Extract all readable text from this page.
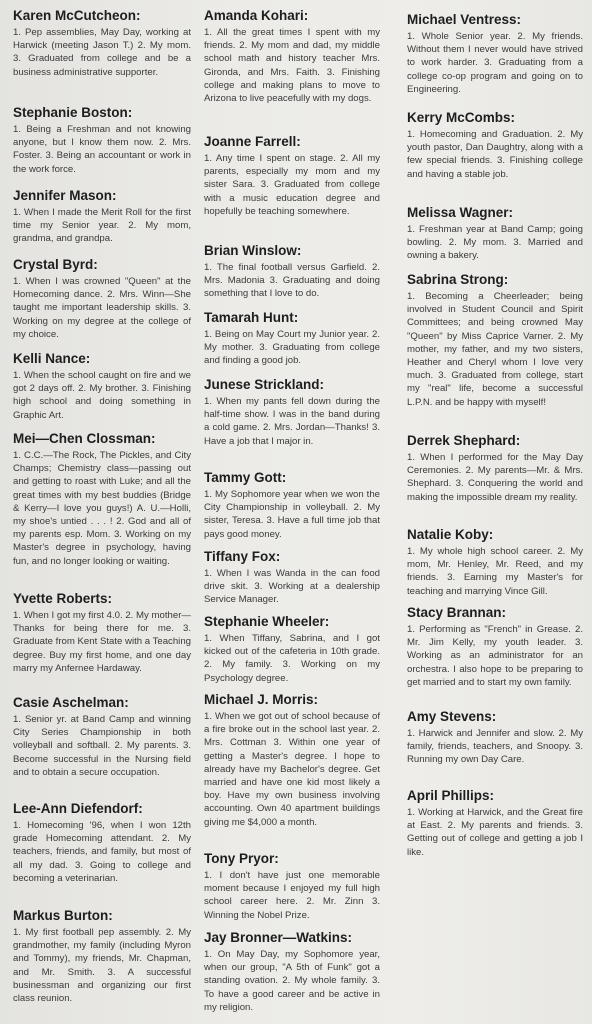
Karen McCutcheon:
1. Pep assemblies, May Day, working at Harwick (meeting Jason T.) 2. My mom. 3. Graduated from college and be a business administrative supporter.
Stephanie Boston:
1. Being a Freshman and not knowing anyone, but I know them now. 2. Mrs. Foster. 3. Being an accountant or work in the work force.
Jennifer Mason:
1. When I made the Merit Roll for the first time my Senior year. 2. My mom, grandma, and grandpa.
Crystal Byrd:
1. When I was crowned "Queen" at the Homecoming dance. 2. Mrs. Winn—She taught me important leadership skills. 3. Working on my degree at the college of my choice.
Kelli Nance:
1. When the school caught on fire and we got 2 days off. 2. My brother. 3. Finishing high school and doing something in Graphic Art.
Mei—Chen Clossman:
1. C.C.—The Rock, The Pickles, and City Champs; Chemistry class—passing out and getting to roast with Luke; and all the great times with my best buddies (Bridge & Kerry—I love you guys!) A. U.—Holli, my shoe's untied . . . ! 2. God and all of my parents esp. Mom. 3. Working on my Master's degree in psychology, having fun, and no longer looking or waiting.
Yvette Roberts:
1. When I got my first 4.0. 2. My mother—Thanks for being there for me. 3. Graduate from Kent State with a Teaching degree. Buy my first home, and one day marry my Anfernee Hardaway.
Casie Aschelman:
1. Senior yr. at Band Camp and winning City Series Championship in both volleyball and softball. 2. My parents. 3. Become successful in the Nursing field and to obtain a secure occupation.
Lee-Ann Diefendorf:
1. Homecoming '96, when I won 12th grade Homecoming attendant. 2. My teachers, friends, and family, but most of all my dad. 3. Going to college and becoming a veterinarian.
Markus Burton:
1. My first football pep assembly. 2. My grandmother, my family (including Myron and Tommy), my friends, Mr. Chapman, and Mr. Smith. 3. A successful businessman and organizing our first class reunion.
Amanda Kohari:
1. All the great times I spent with my friends. 2. My mom and dad, my middle school math and history teacher Mrs. Gironda, and Mrs. Faith. 3. Finishing college and making plans to move to Arizona to live peacefully with my dogs.
Joanne Farrell:
1. Any time I spent on stage. 2. All my parents, especially my mom and my sister Sara. 3. Graduated from college with a music education degree and hopefully be teaching somewhere.
Brian Winslow:
1. The final football versus Garfield. 2. Mrs. Madonia 3. Graduating and doing something that I love to do.
Tamarah Hunt:
1. Being on May Court my Junior year. 2. My mother. 3. Graduating from college and finding a good job.
Junese Strickland:
1. When my pants fell down during the half-time show. I was in the band during a cold game. 2. Mrs. Jordan—Thanks! 3. Have a job that I major in.
Tammy Gott:
1. My Sophomore year when we won the City Championship in volleyball. 2. My sister, Teresa. 3. Have a full time job that pays good money.
Tiffany Fox:
1. When I was Wanda in the can food drive skit. 3. Working at a dealership Service Manager.
Stephanie Wheeler:
1. When Tiffany, Sabrina, and I got kicked out of the cafeteria in 10th grade. 2. My family. 3. Working on my Psychology degree.
Michael J. Morris:
1. When we got out of school because of a fire broke out in the school last year. 2. Mrs. Cottman 3. Within one year of getting a Master's degree. I hope to already have my Bachelor's degree. Get married and have one kid most likely a boy. Have my own business involving accounting. Own 40 apartment buildings giving me $4,000 a month.
Tony Pryor:
1. I don't have just one memorable moment because I enjoyed my full high school career here. 2. Mr. Zinn 3. Winning the Nobel Prize.
Jay Bronner—Watkins:
1. On May Day, my Sophomore year, when our group, "A 5th of Funk" got a standing ovation. 2. My whole family. 3. To have a good career and be active in my religion.
Michael Ventress:
1. Whole Senior year. 2. My friends. Without them I never would have strived to work harder. 3. Graduating from a college co-op program and going on to Engineering.
Kerry McCombs:
1. Homecoming and Graduation. 2. My youth pastor, Dan Daughtry, along with a few special friends. 3. Finishing college and having a stable job.
Melissa Wagner:
1. Freshman year at Band Camp; going bowling. 2. My mom. 3. Married and owning a bakery.
Sabrina Strong:
1. Becoming a Cheerleader; being involved in Student Council and Spirit Committees; and being crowned May "Queen" by Miss Caprice Varner. 2. My mother, my father, and my two sisters, Heather and Cheryl whom I love very much. 3. Graduated from college, start my "real" life, become a successful L.P.N. and be happy with myself!
Derrek Shephard:
1. When I performed for the May Day Ceremonies. 2. My parents—Mr. & Mrs. Shephard. 3. Conquering the world and making the impossible dream my reality.
Natalie Koby:
1. My whole high school career. 2. My mom, Mr. Henley, Mr. Reed, and my friends. 3. Earning my Master's for teaching and marrying Vince Gill.
Stacy Brannan:
1. Performing as "French" in Grease. 2. Mr. Jim Kelly, my youth leader. 3. Working as an administrator for an orchestra. I also hope to be preparing to get married and to start my own family.
Amy Stevens:
1. Harwick and Jennifer and slow. 2. My family, friends, teachers, and Snoopy. 3. Running my own Day Care.
April Phillips:
1. Working at Harwick, and the Great fire at East. 2. My parents and friends. 3. Getting out of college and getting a job I like.
